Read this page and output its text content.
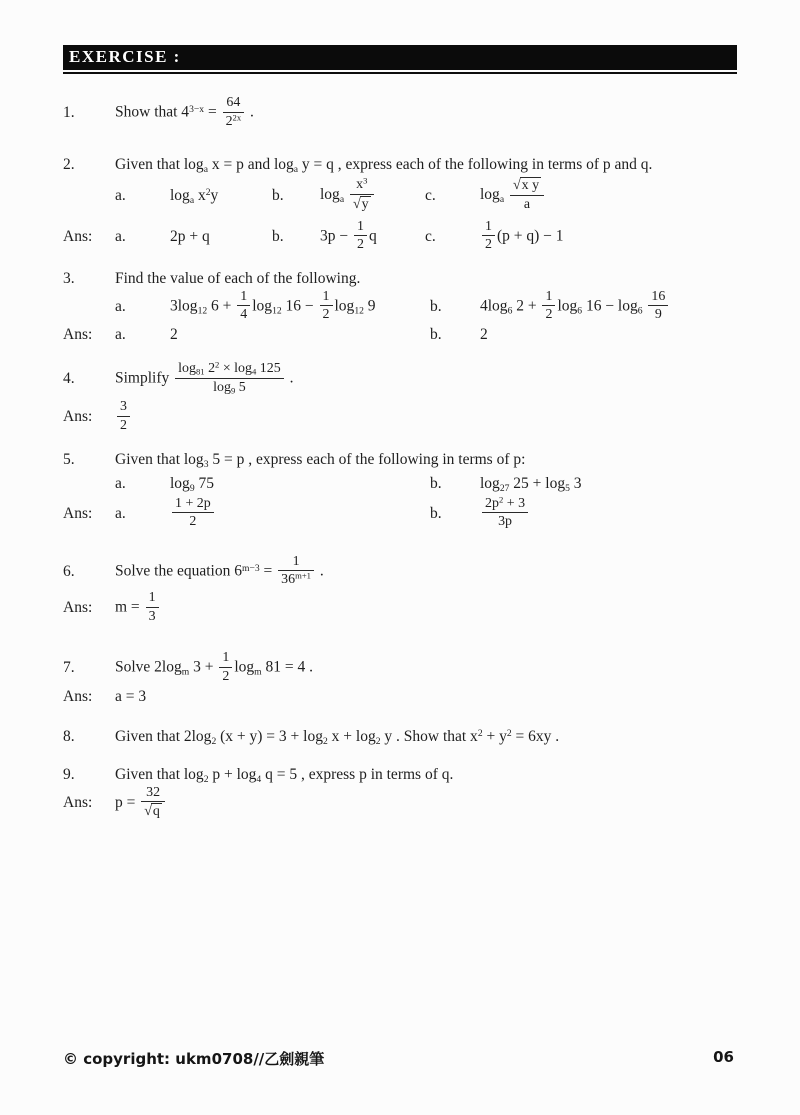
EXERCISE :
1.	Show that $4^{3-x} = \frac{64}{2^{2x}}$ .
2.	Given that $\log_a x = p$ and $\log_a y = q$ , express each of the following in terms of p and q.
a.	$\log_a x^2y$	b.	$\log_a \frac{x^3}{√ y}$	c.	$\log_a \frac{\text{√ x y}}{a}$
Ans:	a.	2p + q	b.	$3p - \frac{1}{2}$ q	c.	$\frac{1}{2} (p + q) - 1$
3.	Find the value of each of the following.
a.	$3\log_{12}$ $6 + \frac{1}{4} \log_{12} 16 - \frac{1}{2} \log_{12} 9$	b.	$4\log_6$ $2 + \frac{1}{2} \log_6 16 - \log_6 \frac{16}{9}$
Ans:	a.	2	b.	2
4.	Simplify $\frac{\log_{81} 2^2 \times \log_4 125}{\log_9 5}$ .
Ans:	$\frac{3}{2}$
5.	Given that $\log_3 5 = p$ , express each of the following in terms of p:
a.	$\log_9 75$	b.	$\log_{27} 25 + \log_5 3$
Ans:	a.	$\frac{1 + 2p}{2}$	b.	$\frac{2p^2 + 3}{3p}$
6.	Solve the equation $6^{m-3} = \frac{1}{36^{m+1}}$ .
Ans:	$m = \frac{1}{3}$
7.	Solve $2\log_m$ $3 + \frac{1}{2} \log_m 81 = 4$ .
Ans:	a = 3
8.	Given that $2\log_2$ $(x + y) = 3 + \log_2 x + \log_2 y$ . Show that $x^2 + y^2 = 6xy$ .
9.	Given that $\log_2 p + \log_4 q = 5$ , express p in terms of q.
Ans:	$p = \frac{32}{√ q}$
© copyright: ukm0708//乙劍親筆	06
